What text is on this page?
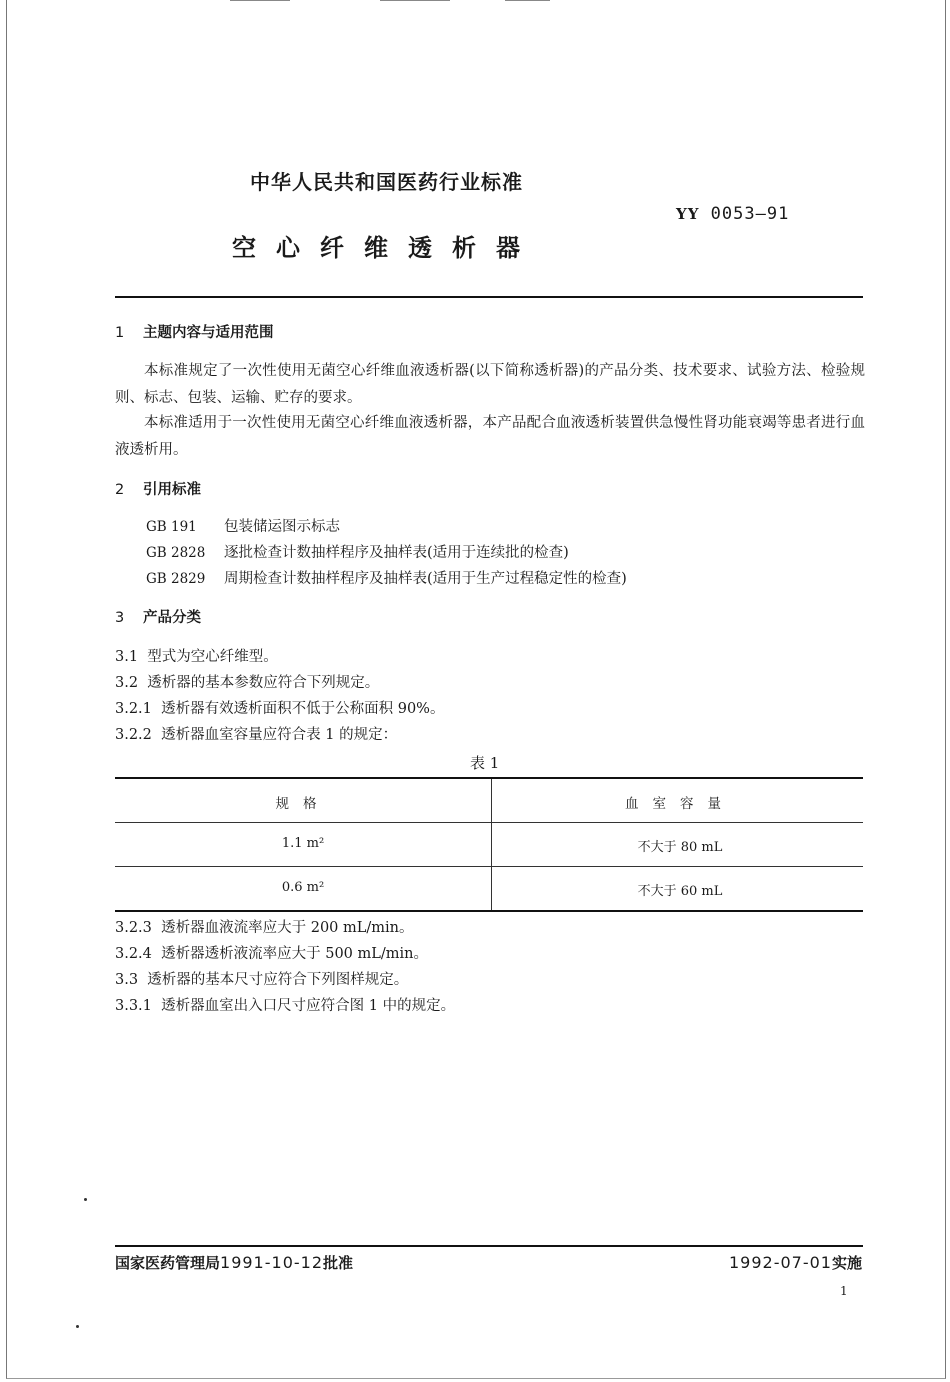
中华人民共和国医药行业标准
YY 0053—91
空心纤维透析器
1 主题内容与适用范围
本标准规定了一次性使用无菌空心纤维血液透析器(以下简称透析器)的产品分类、技术要求、试验方法、检验规则、标志、包装、运输、贮存的要求。
本标准适用于一次性使用无菌空心纤维血液透析器，本产品配合血液透析装置供急慢性肾功能衰竭等患者进行血液透析用。
2 引用标准
GB 191 包装储运图示标志
GB 2828 逐批检查计数抽样程序及抽样表(适用于连续批的检查)
GB 2829 周期检查计数抽样程序及抽样表(适用于生产过程稳定性的检查)
3 产品分类
3.1 型式为空心纤维型。
3.2 透析器的基本参数应符合下列规定。
3.2.1 透析器有效透析面积不低于公称面积 90%。
3.2.2 透析器血室容量应符合表 1 的规定：
表 1
规格	血室容量
1.1 m²	不大于 80 mL
0.6 m²	不大于 60 mL
3.2.3 透析器血液流率应大于 200 mL/min。
3.2.4 透析器透析液流率应大于 500 mL/min。
3.3 透析器的基本尺寸应符合下列图样规定。
3.3.1 透析器血室出入口尺寸应符合图 1 中的规定。
国家医药管理局1991-10-12批准	1992-07-01实施
1
